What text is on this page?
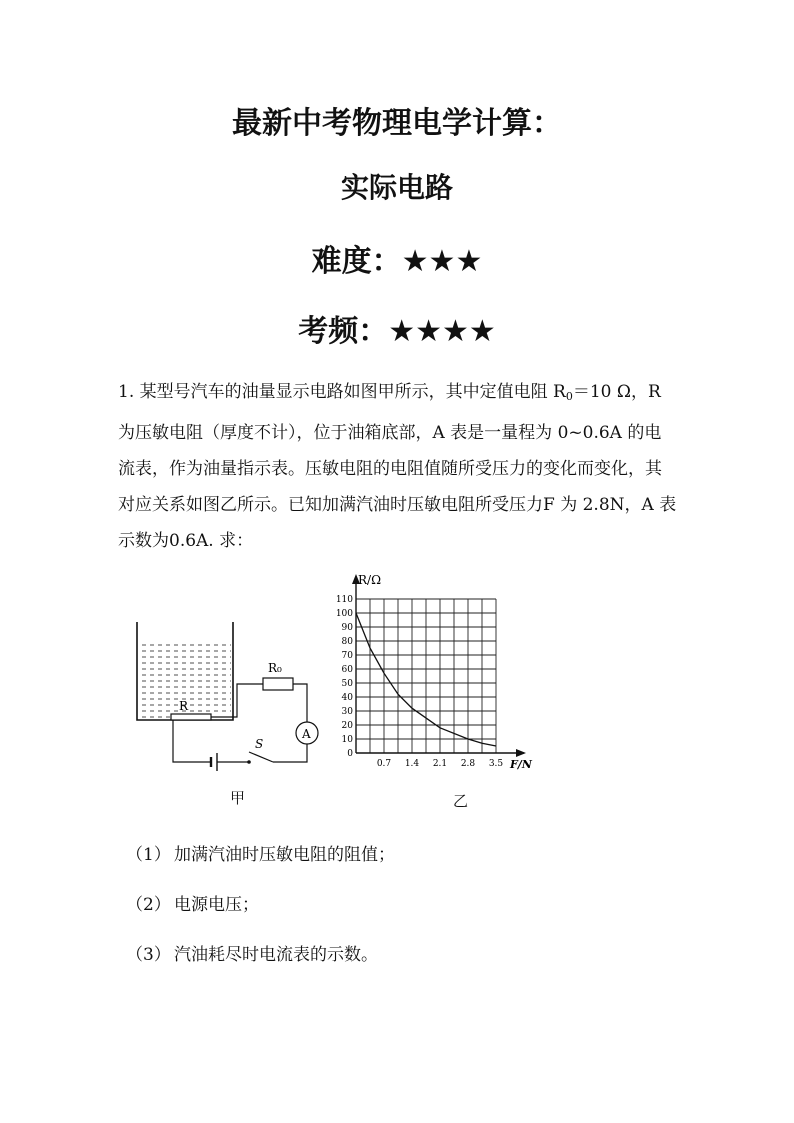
最新中考物理电学计算：
实际电路
难度：★★★
考频：★★★★
1. 某型号汽车的油量显示电路如图甲所示，其中定值电阻 $R_0=10$ Ω，R 为压敏电阻（厚度不计），位于油箱底部，A 表是一量程为 0~0.6A 的电流表，作为油量指示表。压敏电阻的电阻值随所受压力的变化而变化，其对应关系如图乙所示。已知加满汽油时压敏电阻所受压力F 为 2.8N，A 表示数为0.6A. 求：
R
R₀
A
S
甲
0
10
20
30
40
50
60
70
80
90
100
110
0.7 1.4 2.1 2.8 3.5
R/Ω
F/N
乙
（1） 加满汽油时压敏电阻的阻值；
（2） 电源电压；
（3） 汽油耗尽时电流表的示数。
